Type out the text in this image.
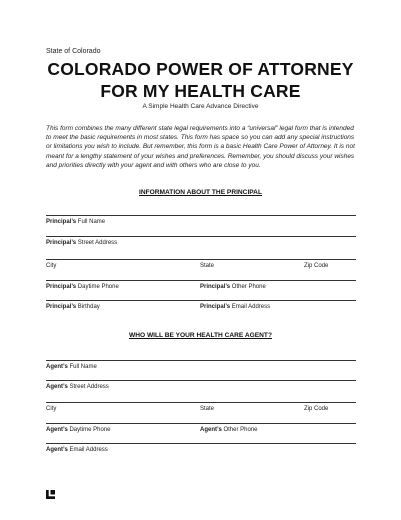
State of Colorado
COLORADO POWER OF ATTORNEY
FOR MY HEALTH CARE
A Simple Health Care Advance Directive
This form combines the many different state legal requirements into a “universal” legal form that is intended to meet the basic requirements in most states. This form has space so you can add any special instructions or limitations you wish to include. But remember, this form is a basic Health Care Power of Attorney. It is not meant for a lengthy statement of your wishes and preferences. Remember, you should discuss your wishes and priorities directly with your agent and with others who are close to you.
INFORMATION ABOUT THE PRINCIPAL
Principal’s Full Name
Principal’s Street Address
City	State	Zip Code
Principal’s Daytime Phone	Principal’s Other Phone
Principal’s Birthday	Principal’s Email Address
WHO WILL BE YOUR HEALTH CARE AGENT?
Agent’s Full Name
Agent’s Street Address
City	State	Zip Code
Agent’s Daytime Phone	Agent’s Other Phone
Agent’s Email Address
